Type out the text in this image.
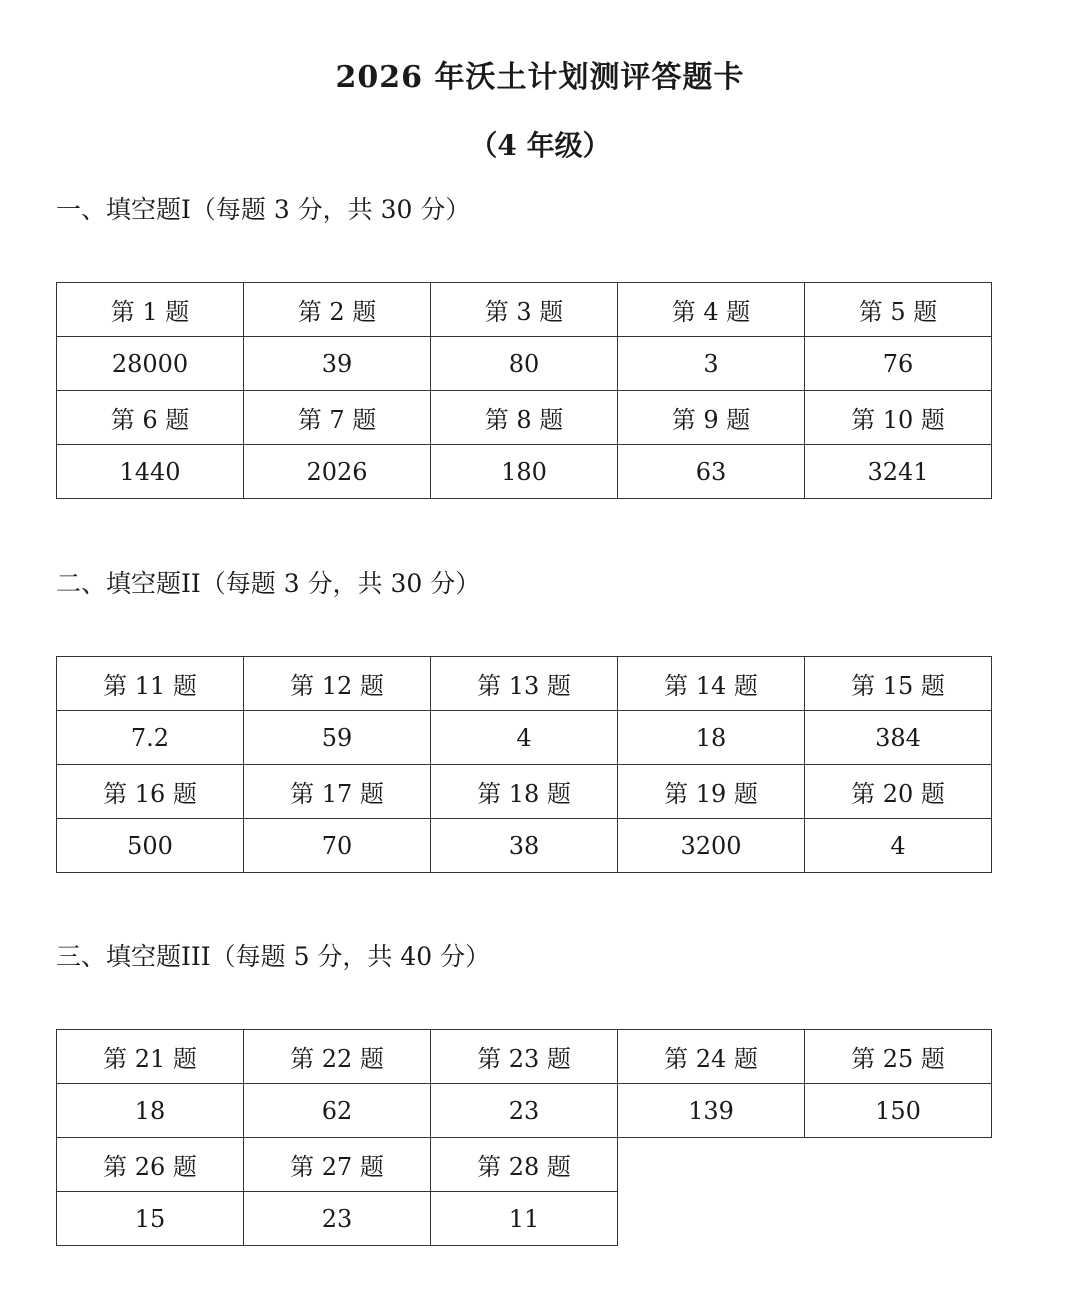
2026 年沃土计划测评答题卡
（4 年级）
一、填空题I（每题 3 分，共 30 分）
第 1 题	第 2 题	第 3 题	第 4 题	第 5 题
28000	39	80	3	76
第 6 题	第 7 题	第 8 题	第 9 题	第 10 题
1440	2026	180	63	3241
二、填空题II（每题 3 分，共 30 分）
第 11 题	第 12 题	第 13 题	第 14 题	第 15 题
7.2	59	4	18	384
第 16 题	第 17 题	第 18 题	第 19 题	第 20 题
500	70	38	3200	4
三、填空题III（每题 5 分，共 40 分）
第 21 题	第 22 题	第 23 题	第 24 题	第 25 题
18	62	23	139	150
第 26 题	第 27 题	第 28 题		
15	23	11		
